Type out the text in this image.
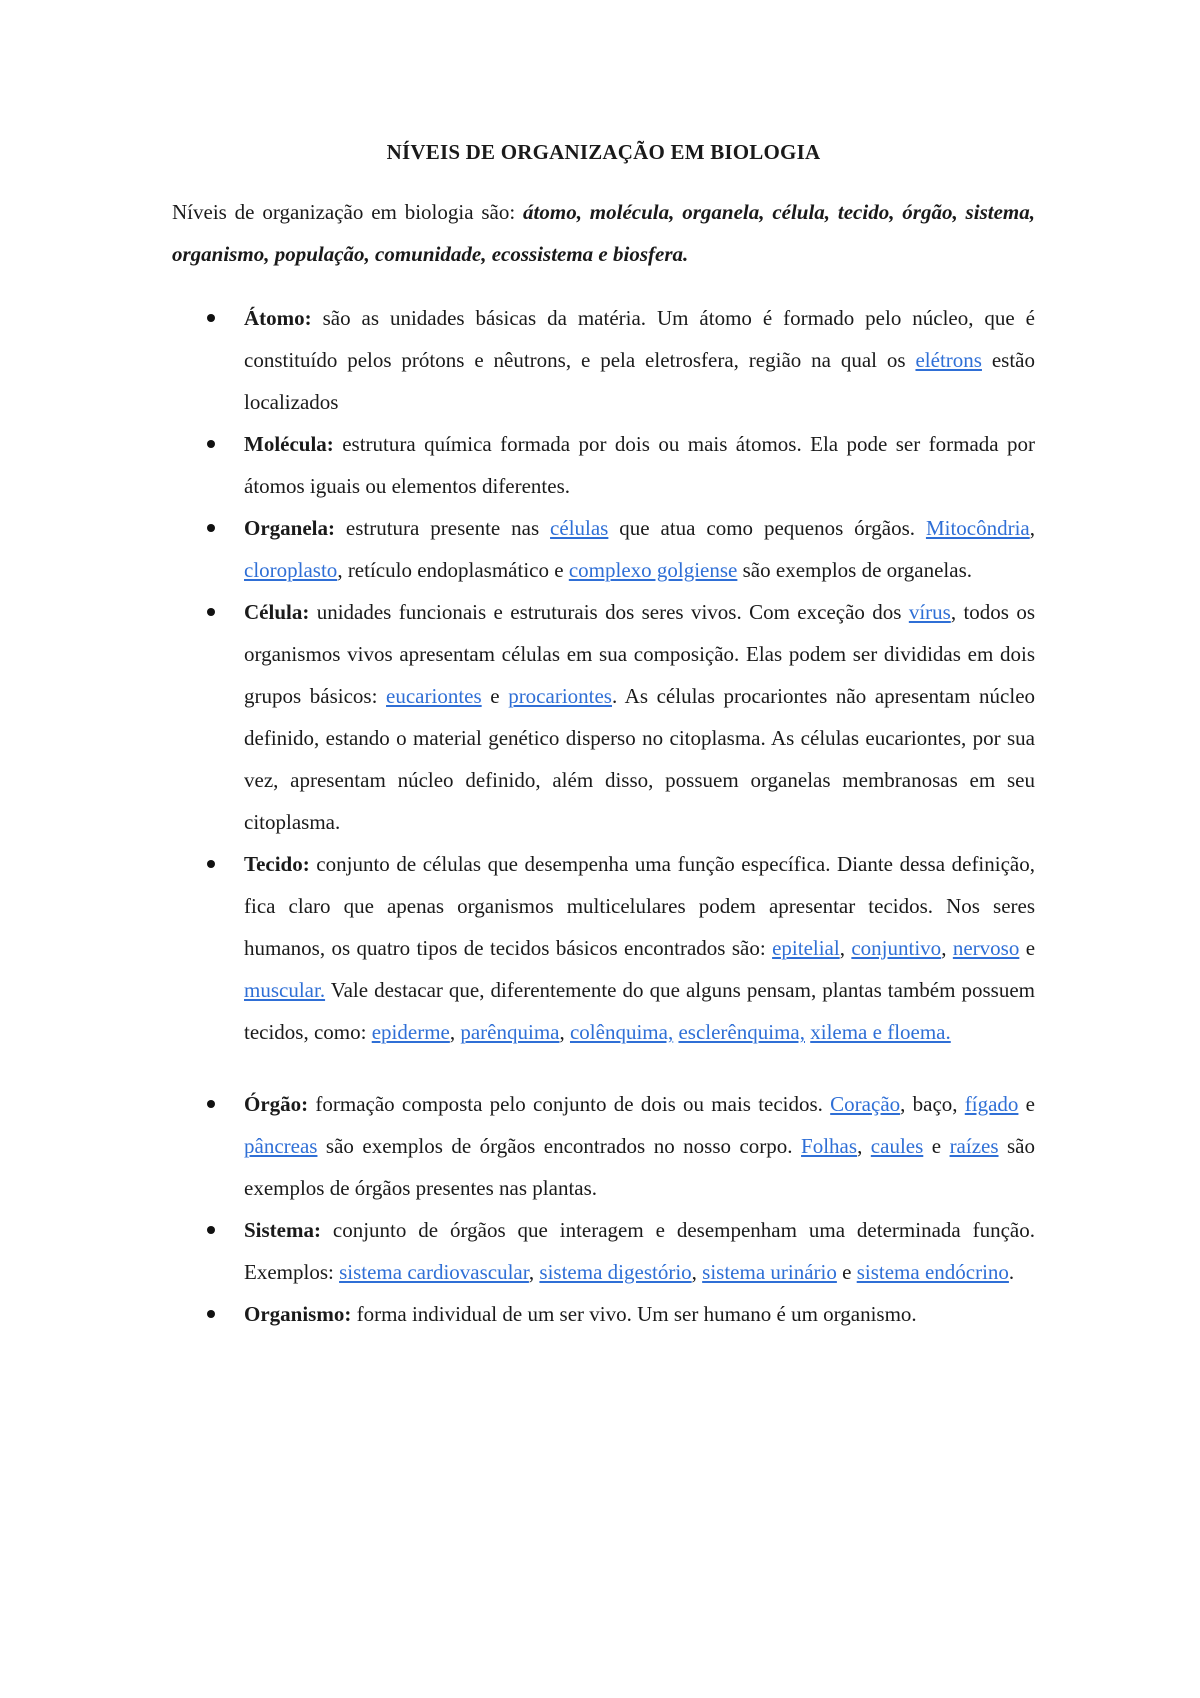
NÍVEIS DE ORGANIZAÇÃO EM BIOLOGIA

Níveis de organização em biologia são: átomo, molécula, organela, célula, tecido, órgão, sistema, organismo, população, comunidade, ecossistema e biosfera.

Átomo: são as unidades básicas da matéria. Um átomo é formado pelo núcleo, que é constituído pelos prótons e nêutrons, e pela eletrosfera, região na qual os elétrons estão localizados
Molécula: estrutura química formada por dois ou mais átomos. Ela pode ser formada por átomos iguais ou elementos diferentes.
Organela: estrutura presente nas células que atua como pequenos órgãos. Mitocôndria, cloroplasto, retículo endoplasmático e complexo golgiense são exemplos de organelas.
Célula: unidades funcionais e estruturais dos seres vivos. Com exceção dos vírus, todos os organismos vivos apresentam células em sua composição. Elas podem ser divididas em dois grupos básicos: eucariontes e procariontes. As células procariontes não apresentam núcleo definido, estando o material genético disperso no citoplasma. As células eucariontes, por sua vez, apresentam núcleo definido, além disso, possuem organelas membranosas em seu citoplasma.
Tecido: conjunto de células que desempenha uma função específica. Diante dessa definição, fica claro que apenas organismos multicelulares podem apresentar tecidos. Nos seres humanos, os quatro tipos de tecidos básicos encontrados são: epitelial, conjuntivo, nervoso e muscular. Vale destacar que, diferentemente do que alguns pensam, plantas também possuem tecidos, como: epiderme, parênquima, colênquima, esclerênquima, xilema e floema.
Órgão: formação composta pelo conjunto de dois ou mais tecidos. Coração, baço, fígado e pâncreas são exemplos de órgãos encontrados no nosso corpo. Folhas, caules e raízes são exemplos de órgãos presentes nas plantas.
Sistema: conjunto de órgãos que interagem e desempenham uma determinada função. Exemplos: sistema cardiovascular, sistema digestório, sistema urinário e sistema endócrino.
Organismo: forma individual de um ser vivo. Um ser humano é um organismo.
